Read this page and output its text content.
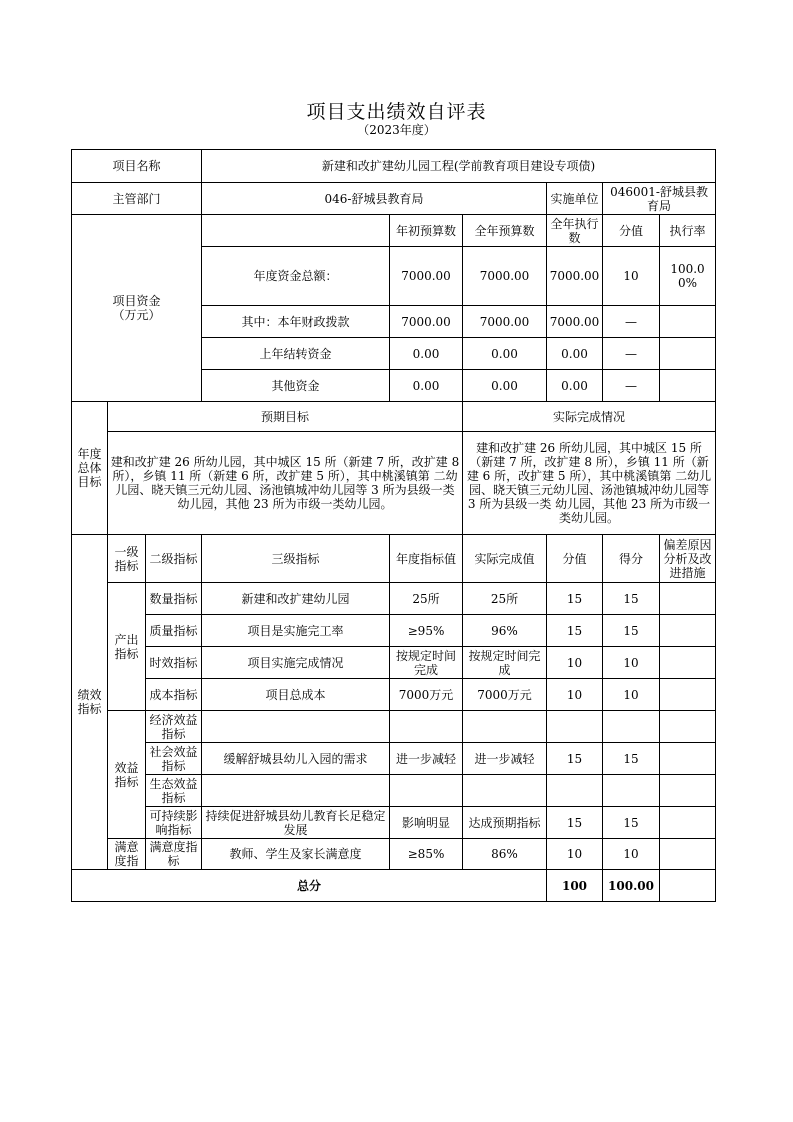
项目支出绩效自评表
（2023年度）
项目名称			新建和改扩建幼儿园工程(学前教育项目建设专项债)						
主管部门			046-舒城县教育局			实施单位	046001-舒城县教育局		

项目资金
（万元）				年初预算数	全年预算数	全年执行数	分值	执行率	
			年度资金总额：	7000.00	7000.00	7000.00	10	100.00%	
			其中：本年财政拨款	7000.00	7000.00	7000.00	—		
			上年结转资金	0.00	0.00	0.00	—		
			其他资金	0.00	0.00	0.00	—		
年度总体目标	预期目标				实际完成情况				
	建和改扩建 26 所幼儿园，其中城区 15 所（新建 7 所，改扩建 8 所），乡镇 11 所（新建 6 所，改扩建 5 所），其中桃溪镇第 二幼儿园、晓天镇三元幼儿园、汤池镇城冲幼儿园等 3 所为县级一类 幼儿园，其他 23 所为市级一类幼儿园。				建和改扩建 26 所幼儿园，其中城区 15 所（新建 7 所，改扩建 8 所），乡镇 11 所（新建 6 所，改扩建 5 所），其中桃溪镇第 二幼儿园、晓天镇三元幼儿园、汤池镇城冲幼儿园等 3 所为县级一类 幼儿园，其他 23 所为市级一类幼儿园。				
绩效指标	一级指标	二级指标	三级指标	年度指标值	实际完成值	分值	得分	偏差原因分析及改进措施	
	产出指标	数量指标	新建和改扩建幼儿园	25所	25所	15	15		
		质量指标	项目是实施完工率	≥95%	96%	15	15		
		时效指标	项目实施完成情况	按规定时间完成	按规定时间完成	10	10		
		成本指标	项目总成本	7000万元	7000万元	10	10		
	效益指标	经济效益指标							
		社会效益指标	缓解舒城县幼儿入园的需求	进一步减轻	进一步减轻	15	15		
		生态效益指标							
		可持续影响指标	持续促进舒城县幼儿教育长足稳定发展	影响明显	达成预期指标	15	15		
	满意度指	满意度指标	教师、学生及家长满意度	≥85%	86%	10	10		
总分						100	100.00		
